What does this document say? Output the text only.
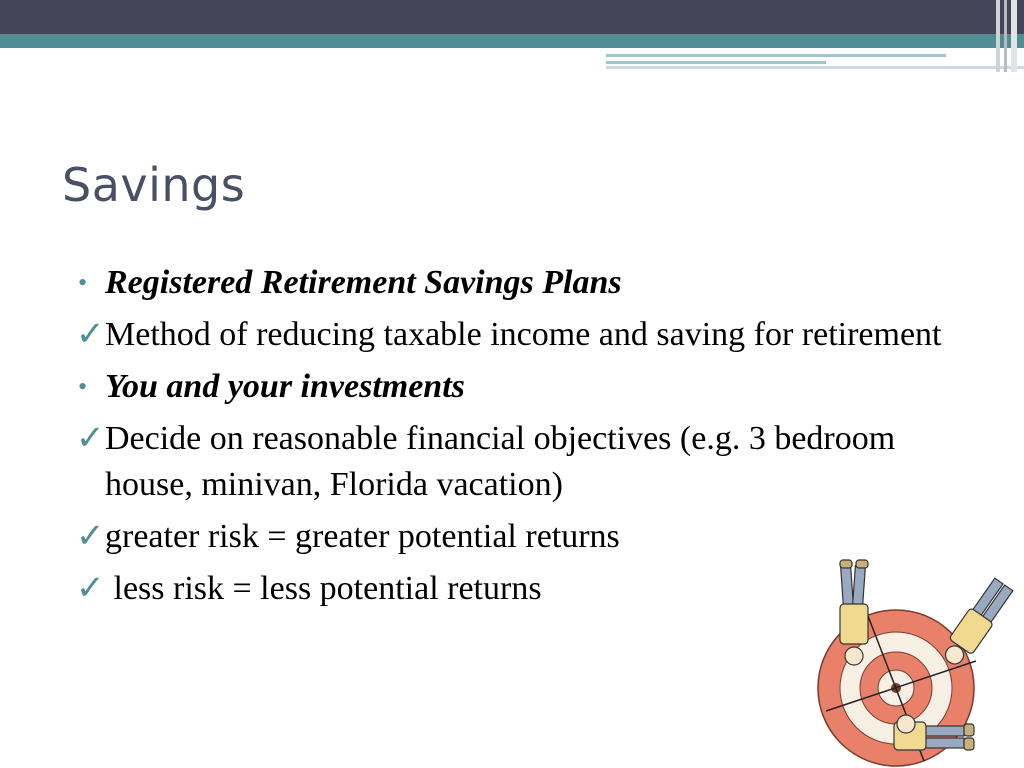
Savings
• Registered Retirement Savings Plans
✓ Method of reducing taxable income and saving for retirement
• You and your investments
✓ Decide on reasonable financial objectives (e.g. 3 bedroom house, minivan, Florida vacation)
✓ greater risk = greater potential returns
✓ less risk = less potential returns
